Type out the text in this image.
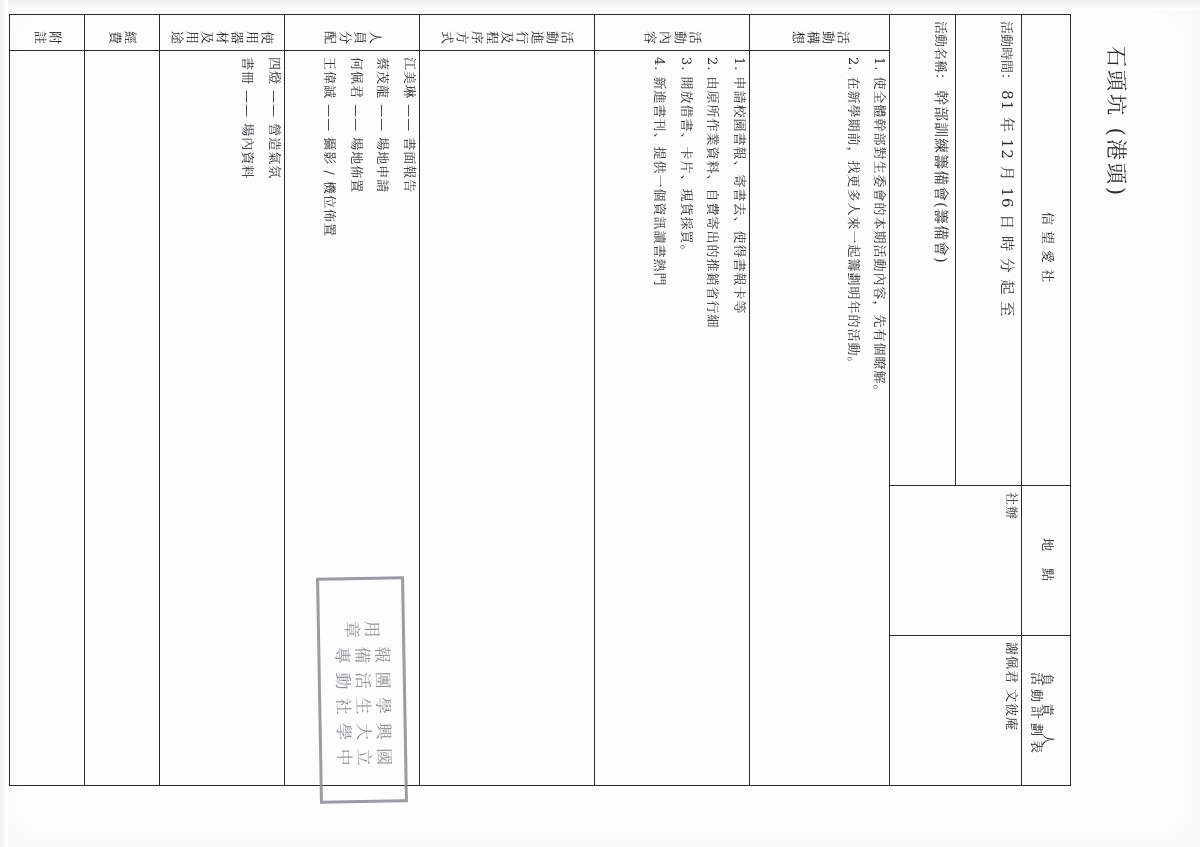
石頭坑 (港頭)
活動計劃表
信望愛社		地　點	負　責　人
活動時間： 81 年 12 月 16 日 時 分 起 至		社辦	謝佩君 文彼庵
活動名稱： 幹部訓練籌備會(籌備會)			
活動構想	1. 使全體幹部對生委會的本期活動內容，先有個瞭解。
2. 在新學期前，找更多人來一起籌劃明年的活動。		

活動內容	1. 申請校園書報、寄書去、使得書報卡等
2. 由原所作業資料、自費寄出的推銷省行細
3. 開放借書、卡片、現貨採買。
4. 新進書刊、提供一個資訊讀書熱門		

活動進行及程序方式			
人員分配	江美琳 —— 書面報告
蔡茂龍 —— 場地申請
何佩君 —— 場地佈置
王偉誠 —— 攝影 / 機位佈置		

使用器材及用途	四燈 —— 營造氣氛
書冊 —— 場內資料		

經費			
附註			
國立中興大學學生社團活動報備專用章
